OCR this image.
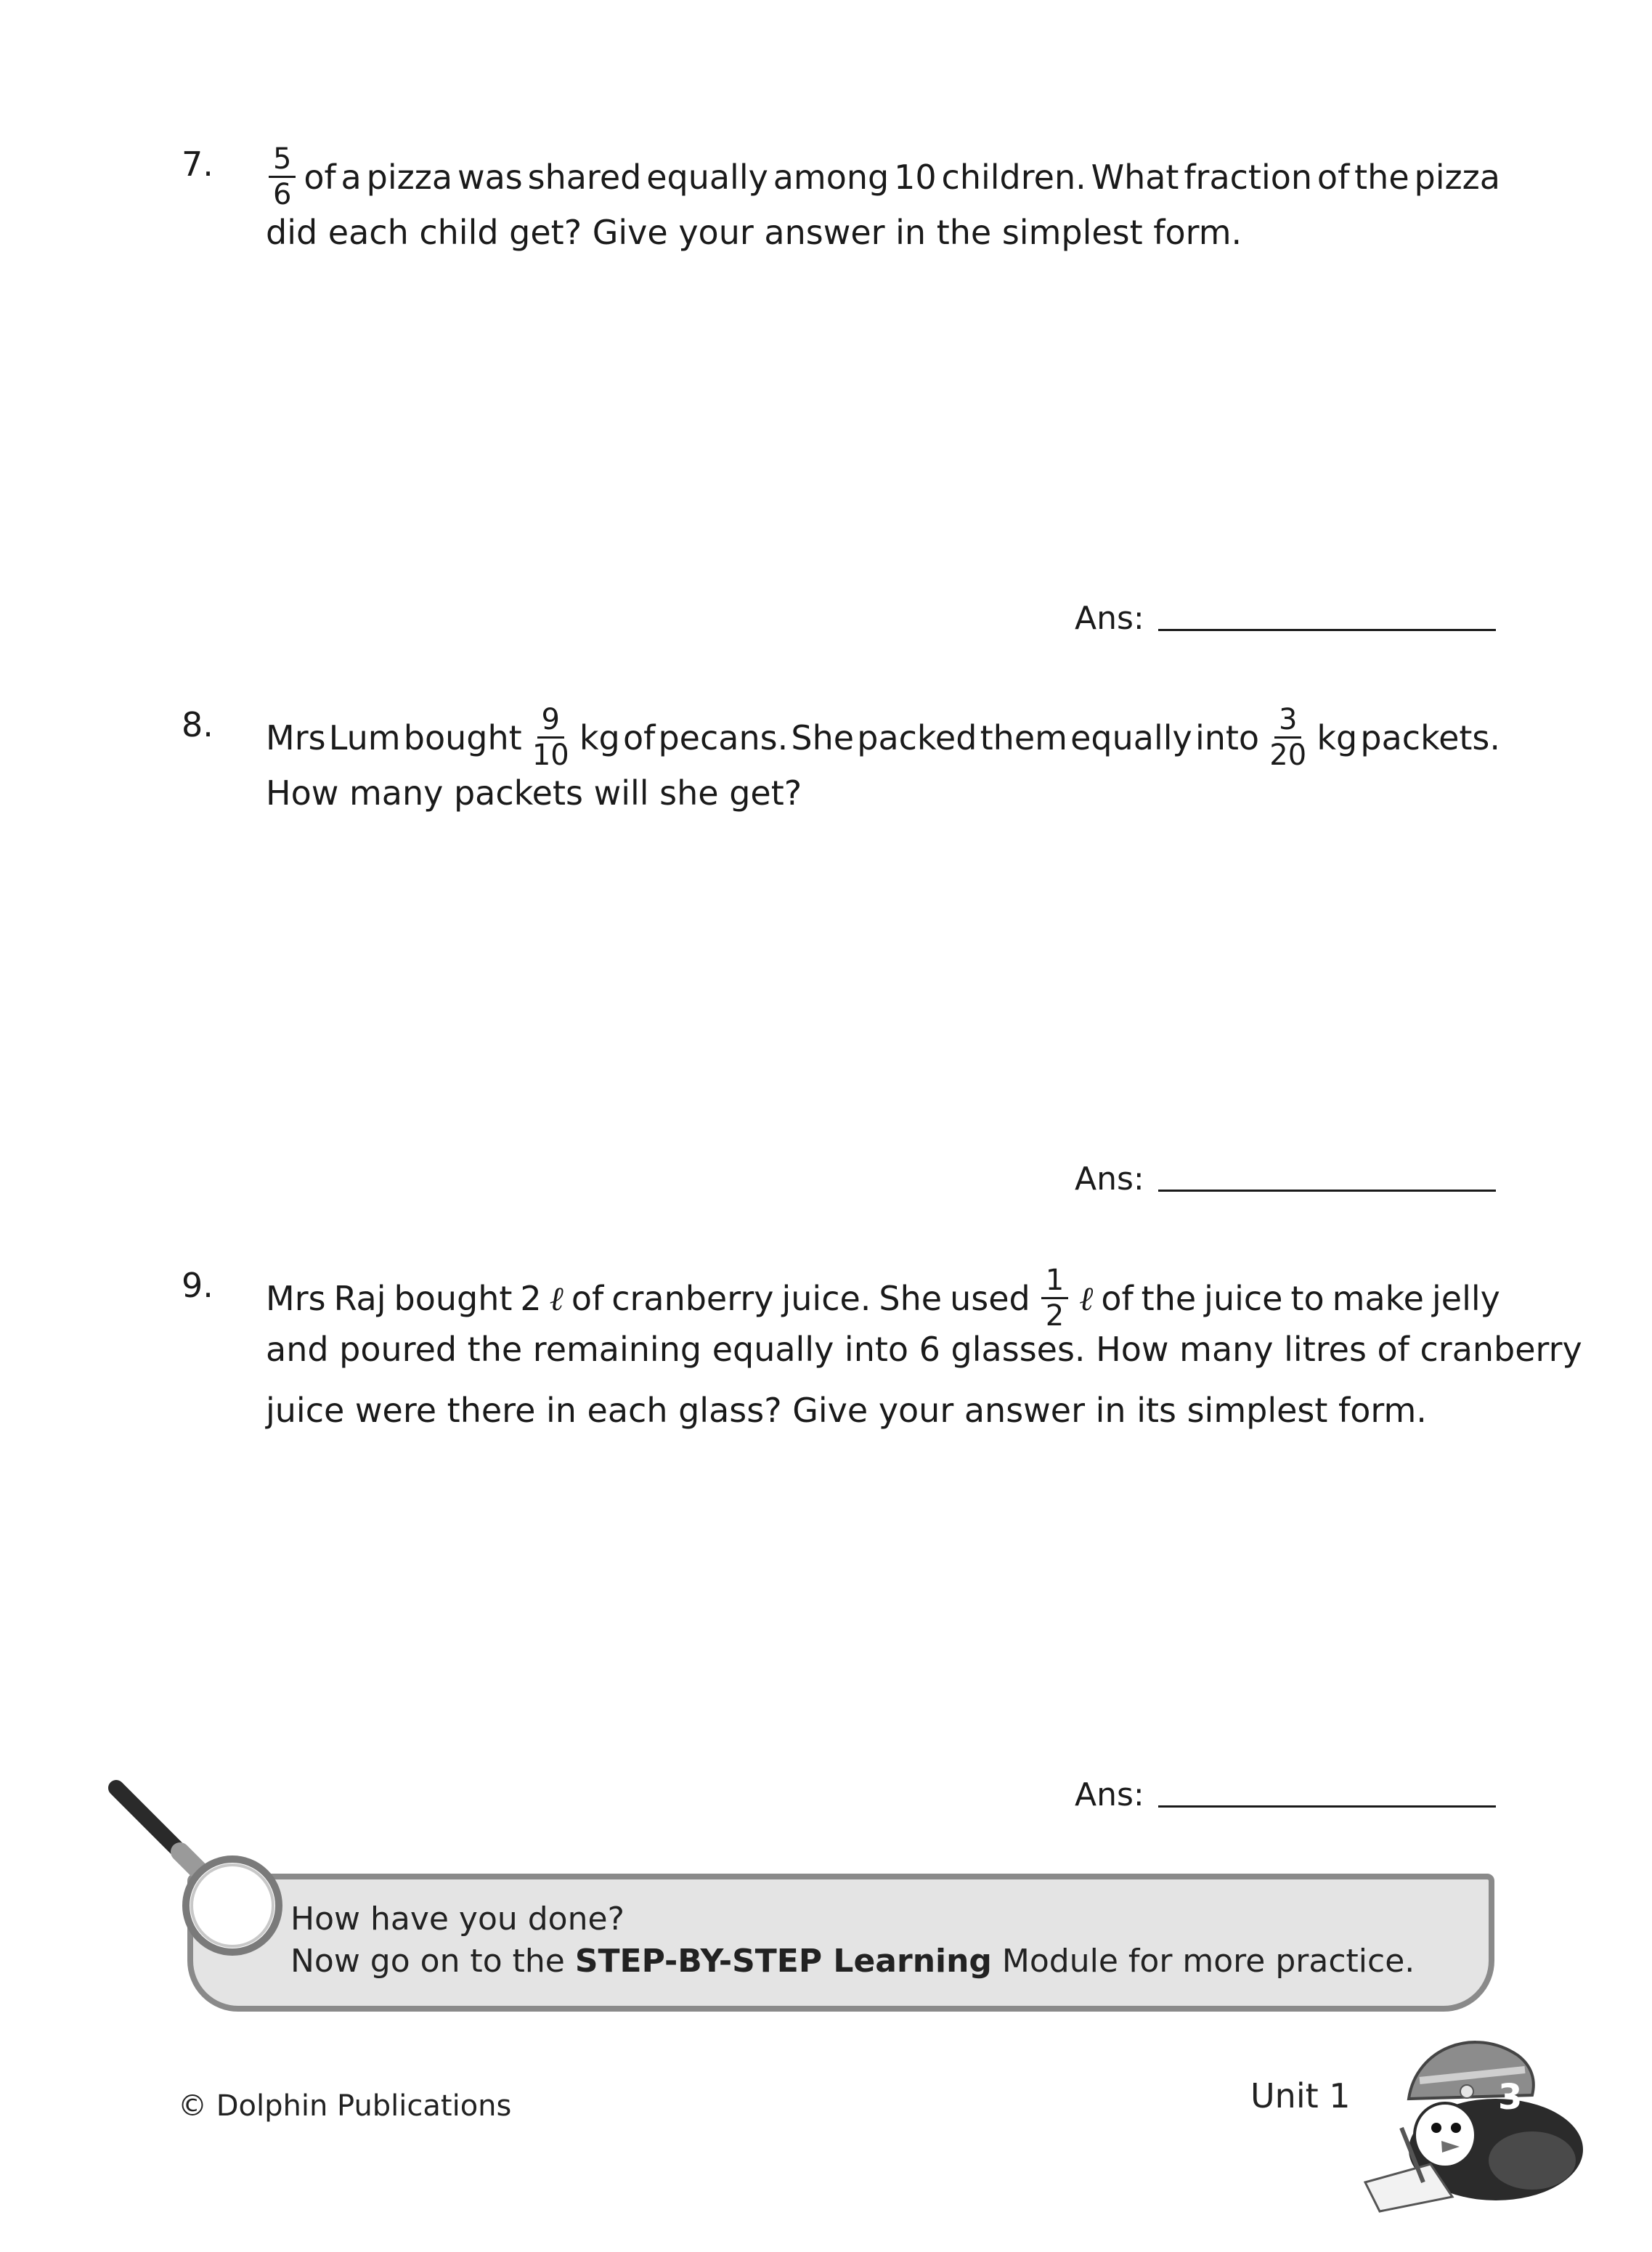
7. $\frac{5}{6}$ of a pizza was shared equally among 10 children. What fraction of the pizza
did each child get? Give your answer in the simplest form.
Ans:
8. Mrs Lum bought $\frac{9}{10}$ kg of pecans. She packed them equally into $\frac{3}{20}$ kg packets.
How many packets will she get?
Ans:
9. Mrs Raj bought 2 ℓ of cranberry juice. She used $\frac{1}{2}$ ℓ of the juice to make jelly
and poured the remaining equally into 6 glasses. How many litres of cranberry
juice were there in each glass? Give your answer in its simplest form.
Ans:
How have you done?
Now go on to the STEP-BY-STEP Learning Module for more practice.
© Dolphin Publications	Unit 1	3
